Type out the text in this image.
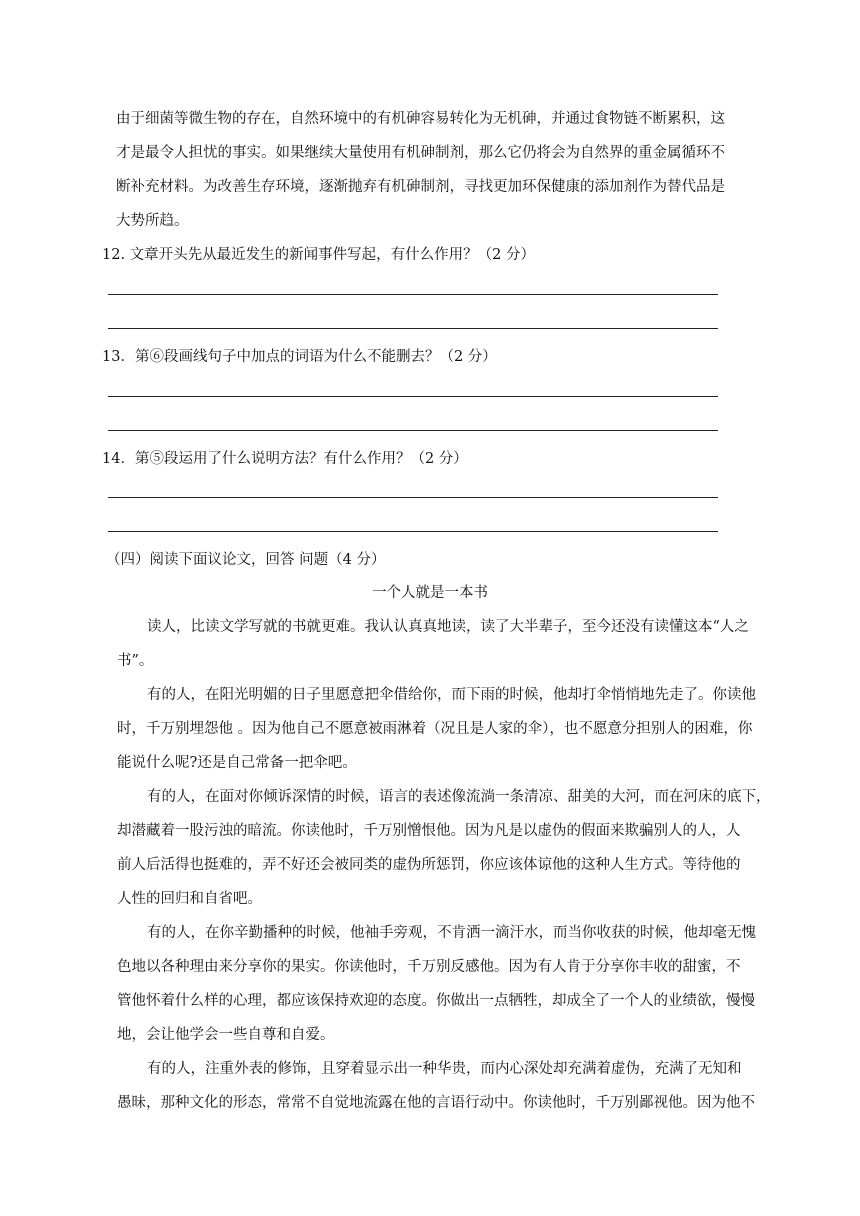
由于细菌等微生物的存在，自然环境中的有机砷容易转化为无机砷，并通过食物链不断累积，这
才是最令人担忧的事实。如果继续大量使用有机砷制剂，那么它仍将会为自然界的重金属循环不
断补充材料。为改善生存环境，逐渐抛弃有机砷制剂，寻找更加环保健康的添加剂作为替代品是
大势所趋。
12. 文章开头先从最近发生的新闻事件写起，有什么作用？（2 分）
13．第⑥段画线句子中加点的词语为什么不能删去？（2 分）
14．第⑤段运用了什么说明方法？有什么作用？（2 分）
（四）阅读下面议论文，回答 问题（4 分）
一个人就是一本书
读人，比读文学写就的书就更难。我认认真真地读，读了大半辈子，至今还没有读懂这本“人之
书”。
有的人，在阳光明媚的日子里愿意把伞借给你，而下雨的时候，他却打伞悄悄地先走了。你读他
时，千万别埋怨他 。因为他自己不愿意被雨淋着（况且是人家的伞），也不愿意分担别人的困难，你
能说什么呢?还是自己常备一把伞吧。
有的人，在面对你倾诉深情的时候，语言的表述像流淌一条清凉、甜美的大河，而在河床的底下，
却潜藏着一股污浊的暗流。你读他时，千万别憎恨他。因为凡是以虚伪的假面来欺骗别人的人，人
前人后活得也挺难的，弄不好还会被同类的虚伪所惩罚，你应该体谅他的这种人生方式。等待他的
人性的回归和自省吧。
有的人，在你辛勤播种的时候，他袖手旁观，不肯洒一滴汗水，而当你收获的时候，他却毫无愧
色地以各种理由来分享你的果实。你读他时，千万别反感他。因为有人肯于分享你丰收的甜蜜，不
管他怀着什么样的心理，都应该保持欢迎的态度。你做出一点牺牲，却成全了一个人的业绩欲，慢慢
地，会让他学会一些自尊和自爱。
有的人，注重外表的修饰，且穿着显示出一种华贵，而内心深处却充满着虚伪，充满了无知和
愚昧，那种文化的形态，常常不自觉地流露在他的言语行动中。你读他时，千万别鄙视他。因为他不
